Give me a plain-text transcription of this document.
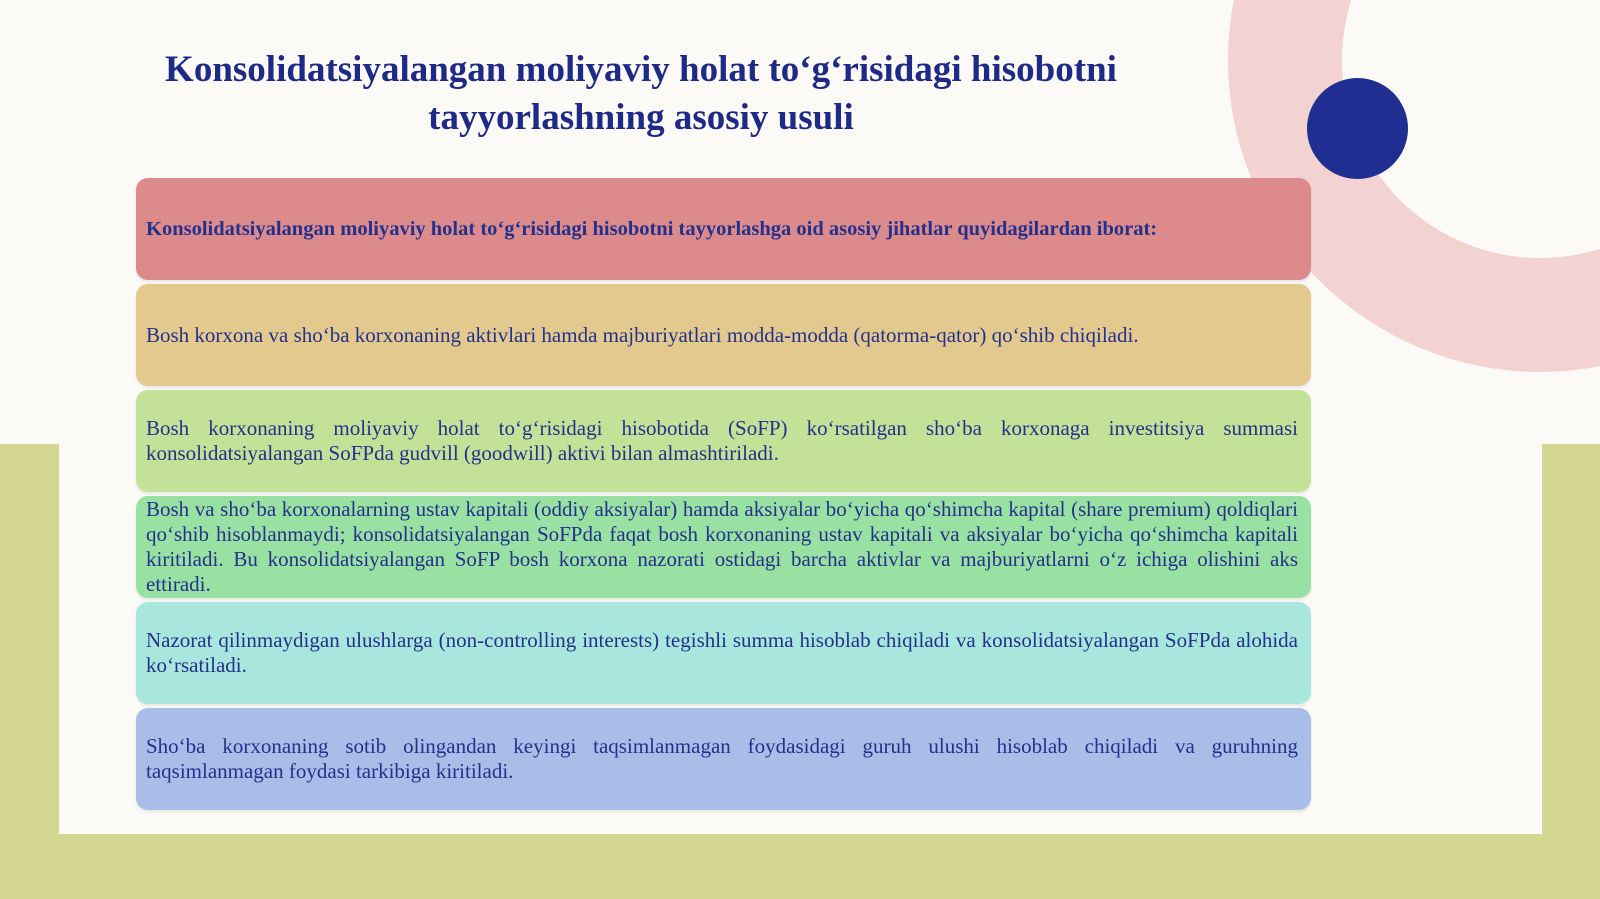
Konsolidatsiyalangan moliyaviy holat to‘g‘risidagi hisobotni
tayyorlashning asosiy usuli
Konsolidatsiyalangan moliyaviy holat to‘g‘risidagi hisobotni tayyorlashga oid asosiy jihatlar quyidagilardan iborat:
Bosh korxona va sho‘ba korxonaning aktivlari hamda majburiyatlari modda-modda (qatorma-qator) qo‘shib chiqiladi.
Bosh korxonaning moliyaviy holat to‘g‘risidagi hisobotida (SoFP) ko‘rsatilgan sho‘ba korxonaga investitsiya summasi konsolidatsiyalangan SoFPda gudvill (goodwill) aktivi bilan almashtiriladi.
Bosh va sho‘ba korxonalarning ustav kapitali (oddiy aksiyalar) hamda aksiyalar bo‘yicha qo‘shimcha kapital (share premium) qoldiqlari qo‘shib hisoblanmaydi; konsolidatsiyalangan SoFPda faqat bosh korxonaning ustav kapitali va aksiyalar bo‘yicha qo‘shimcha kapitali kiritiladi. Bu konsolidatsiyalangan SoFP bosh korxona nazorati ostidagi barcha aktivlar va majburiyatlarni o‘z ichiga olishini aks ettiradi.
Nazorat qilinmaydigan ulushlarga (non-controlling interests) tegishli summa hisoblab chiqiladi va konsolidatsiyalangan SoFPda alohida ko‘rsatiladi.
Sho‘ba korxonaning sotib olingandan keyingi taqsimlanmagan foydasidagi guruh ulushi hisoblab chiqiladi va guruhning taqsimlanmagan foydasi tarkibiga kiritiladi.
